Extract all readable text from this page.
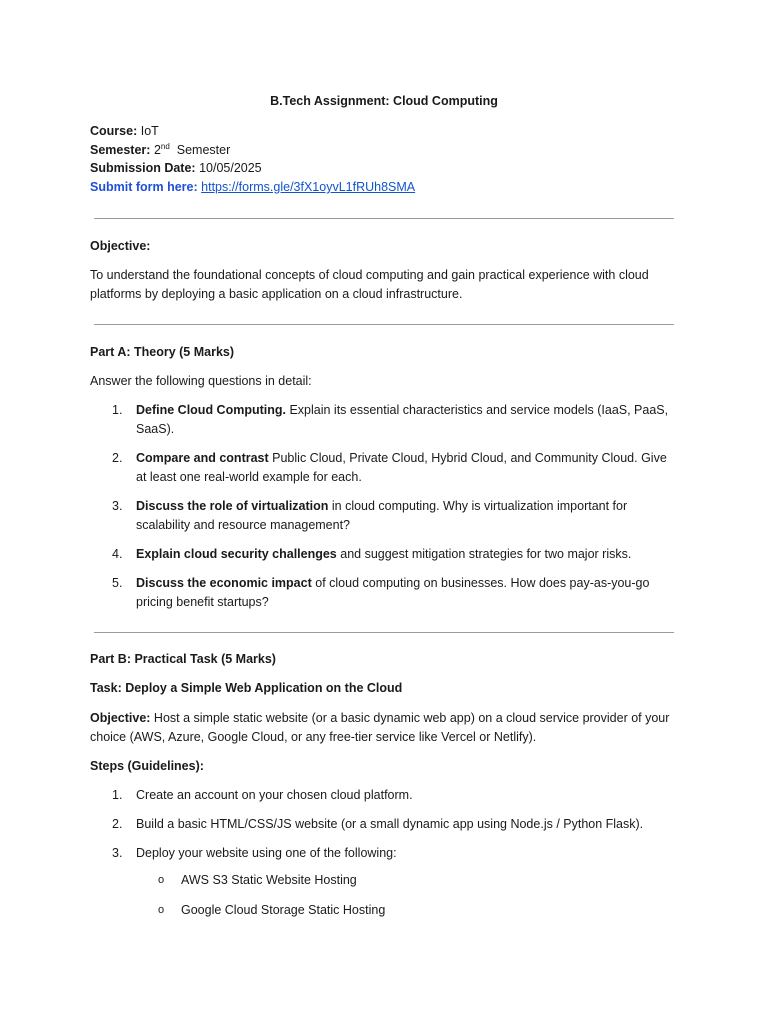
B.Tech Assignment: Cloud Computing
Course: IoT
Semester: 2nd Semester
Submission Date: 10/05/2025
Submit form here: https://forms.gle/3fX1oyvL1fRUh8SMA
Objective:
To understand the foundational concepts of cloud computing and gain practical experience with cloud platforms by deploying a basic application on a cloud infrastructure.
Part A: Theory (5 Marks)
Answer the following questions in detail:
1. Define Cloud Computing. Explain its essential characteristics and service models (IaaS, PaaS, SaaS).
2. Compare and contrast Public Cloud, Private Cloud, Hybrid Cloud, and Community Cloud. Give at least one real-world example for each.
3. Discuss the role of virtualization in cloud computing. Why is virtualization important for scalability and resource management?
4. Explain cloud security challenges and suggest mitigation strategies for two major risks.
5. Discuss the economic impact of cloud computing on businesses. How does pay-as-you-go pricing benefit startups?
Part B: Practical Task (5 Marks)
Task: Deploy a Simple Web Application on the Cloud
Objective: Host a simple static website (or a basic dynamic web app) on a cloud service provider of your choice (AWS, Azure, Google Cloud, or any free-tier service like Vercel or Netlify).
Steps (Guidelines):
1. Create an account on your chosen cloud platform.
2. Build a basic HTML/CSS/JS website (or a small dynamic app using Node.js / Python Flask).
3. Deploy your website using one of the following:
o AWS S3 Static Website Hosting
o Google Cloud Storage Static Hosting
